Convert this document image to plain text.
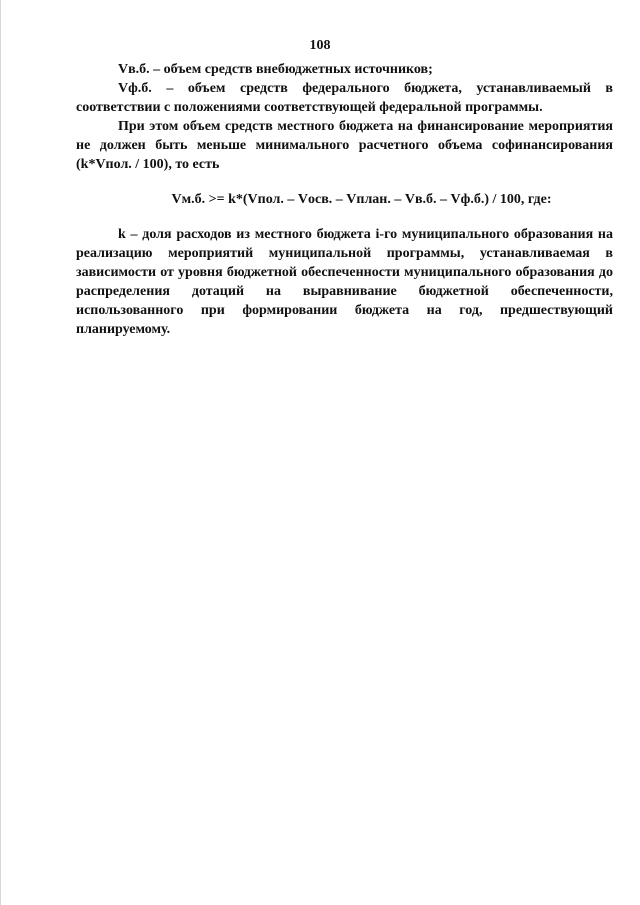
108

Vв.б. – объем средств внебюджетных источников;

Vф.б. – объем средств федерального бюджета, устанавливаемый в соответствии с положениями соответствующей федеральной программы.

При этом объем средств местного бюджета на финансирование мероприятия не должен быть меньше минимального расчетного объема софинансирования (k*Vпол. / 100), то есть

Vм.б. >= k*(Vпол. – Vосв. – Vплан. – Vв.б. – Vф.б.) / 100, где:

k – доля расходов из местного бюджета i-го муниципального образования на реализацию мероприятий муниципальной программы, устанавливаемая в зависимости от уровня бюджетной обеспеченности муниципального образования до распределения дотаций на выравнивание бюджетной обеспеченности, использованного при формировании бюджета на год, предшествующий планируемому.
